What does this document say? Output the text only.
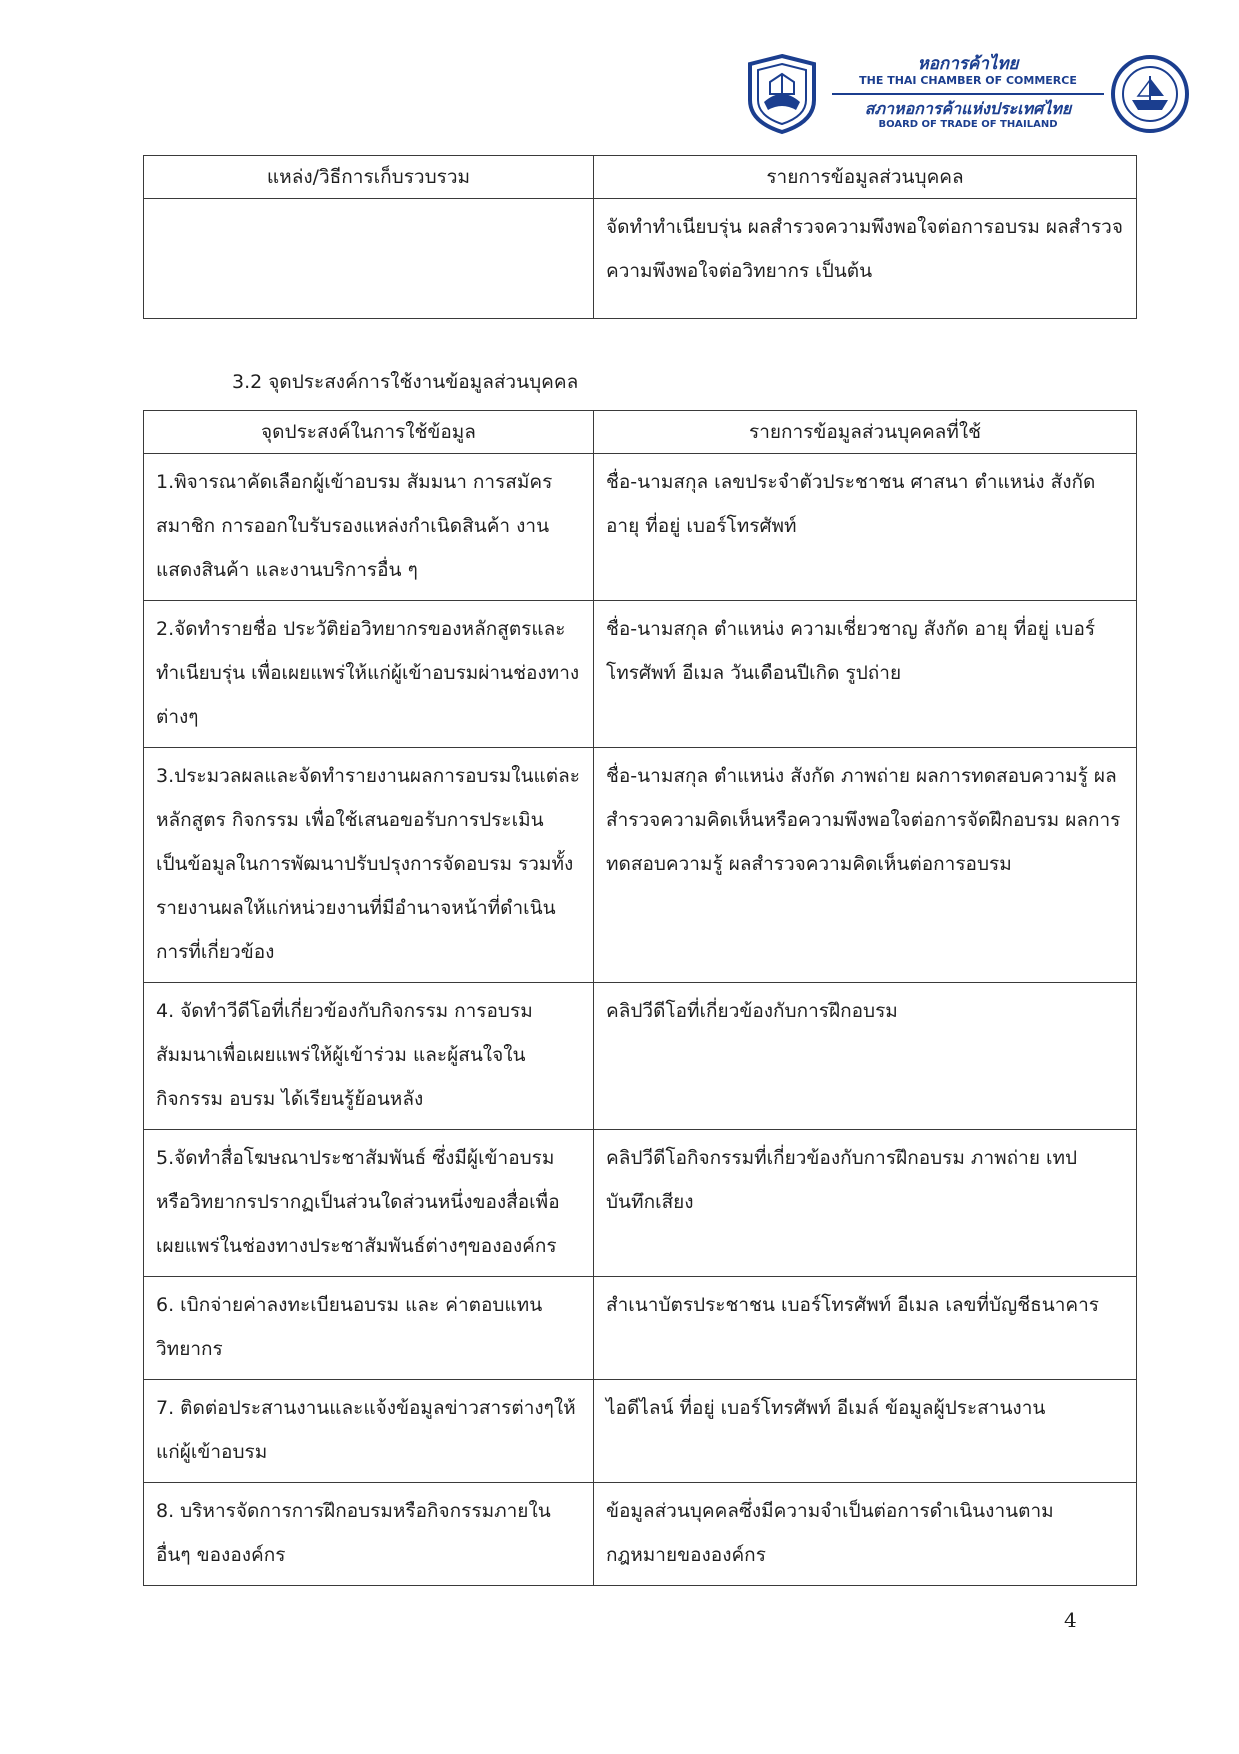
หอการค้าไทย
THE THAI CHAMBER OF COMMERCE
สภาหอการค้าแห่งประเทศไทย
BOARD OF TRADE OF THAILAND
แหล่ง/วิธีการเก็บรวบรวม	รายการข้อมูลส่วนบุคคล
	จัดทำทำเนียบรุ่น ผลสำรวจความพึงพอใจต่อการอบรม ผลสำรวจความพึงพอใจต่อวิทยากร เป็นต้น
3.2 จุดประสงค์การใช้งานข้อมูลส่วนบุคคล
จุดประสงค์ในการใช้ข้อมูล	รายการข้อมูลส่วนบุคคลที่ใช้
1.พิจารณาคัดเลือกผู้เข้าอบรม สัมมนา การสมัครสมาชิก การออกใบรับรองแหล่งกำเนิดสินค้า งานแสดงสินค้า และงานบริการอื่น ๆ	ชื่อ-นามสกุล เลขประจำตัวประชาชน ศาสนา ตำแหน่ง สังกัด อายุ ที่อยู่ เบอร์โทรศัพท์
2.จัดทำรายชื่อ ประวัติย่อวิทยากรของหลักสูตรและทำเนียบรุ่น เพื่อเผยแพร่ให้แก่ผู้เข้าอบรมผ่านช่องทางต่างๆ	ชื่อ-นามสกุล ตำแหน่ง ความเชี่ยวชาญ สังกัด อายุ ที่อยู่ เบอร์โทรศัพท์ อีเมล วันเดือนปีเกิด รูปถ่าย
3.ประมวลผลและจัดทำรายงานผลการอบรมในแต่ละหลักสูตร กิจกรรม เพื่อใช้เสนอขอรับการประเมิน เป็นข้อมูลในการพัฒนาปรับปรุงการจัดอบรม รวมทั้งรายงานผลให้แก่หน่วยงานที่มีอำนาจหน้าที่ดำเนินการที่เกี่ยวข้อง	ชื่อ-นามสกุล ตำแหน่ง สังกัด ภาพถ่าย ผลการทดสอบความรู้ ผลสำรวจความคิดเห็นหรือความพึงพอใจต่อการจัดฝึกอบรม ผลการทดสอบความรู้ ผลสำรวจความคิดเห็นต่อการอบรม
4. จัดทำวีดีโอที่เกี่ยวข้องกับกิจกรรม การอบรมสัมมนาเพื่อเผยแพร่ให้ผู้เข้าร่วม และผู้สนใจในกิจกรรม อบรม ได้เรียนรู้ย้อนหลัง	คลิปวีดีโอที่เกี่ยวข้องกับการฝึกอบรม
5.จัดทำสื่อโฆษณาประชาสัมพันธ์ ซึ่งมีผู้เข้าอบรมหรือวิทยากรปรากฏเป็นส่วนใดส่วนหนึ่งของสื่อเพื่อเผยแพร่ในช่องทางประชาสัมพันธ์ต่างๆขององค์กร	คลิปวีดีโอกิจกรรมที่เกี่ยวข้องกับการฝึกอบรม ภาพถ่าย เทปบันทึกเสียง
6. เบิกจ่ายค่าลงทะเบียนอบรม และ ค่าตอบแทนวิทยากร	สำเนาบัตรประชาชน เบอร์โทรศัพท์ อีเมล เลขที่บัญชีธนาคาร
7. ติดต่อประสานงานและแจ้งข้อมูลข่าวสารต่างๆให้แก่ผู้เข้าอบรม	ไอดีไลน์ ที่อยู่ เบอร์โทรศัพท์ อีเมล์ ข้อมูลผู้ประสานงาน
8. บริหารจัดการการฝึกอบรมหรือกิจกรรมภายในอื่นๆ ขององค์กร	ข้อมูลส่วนบุคคลซึ่งมีความจำเป็นต่อการดำเนินงานตามกฎหมายขององค์กร
4
